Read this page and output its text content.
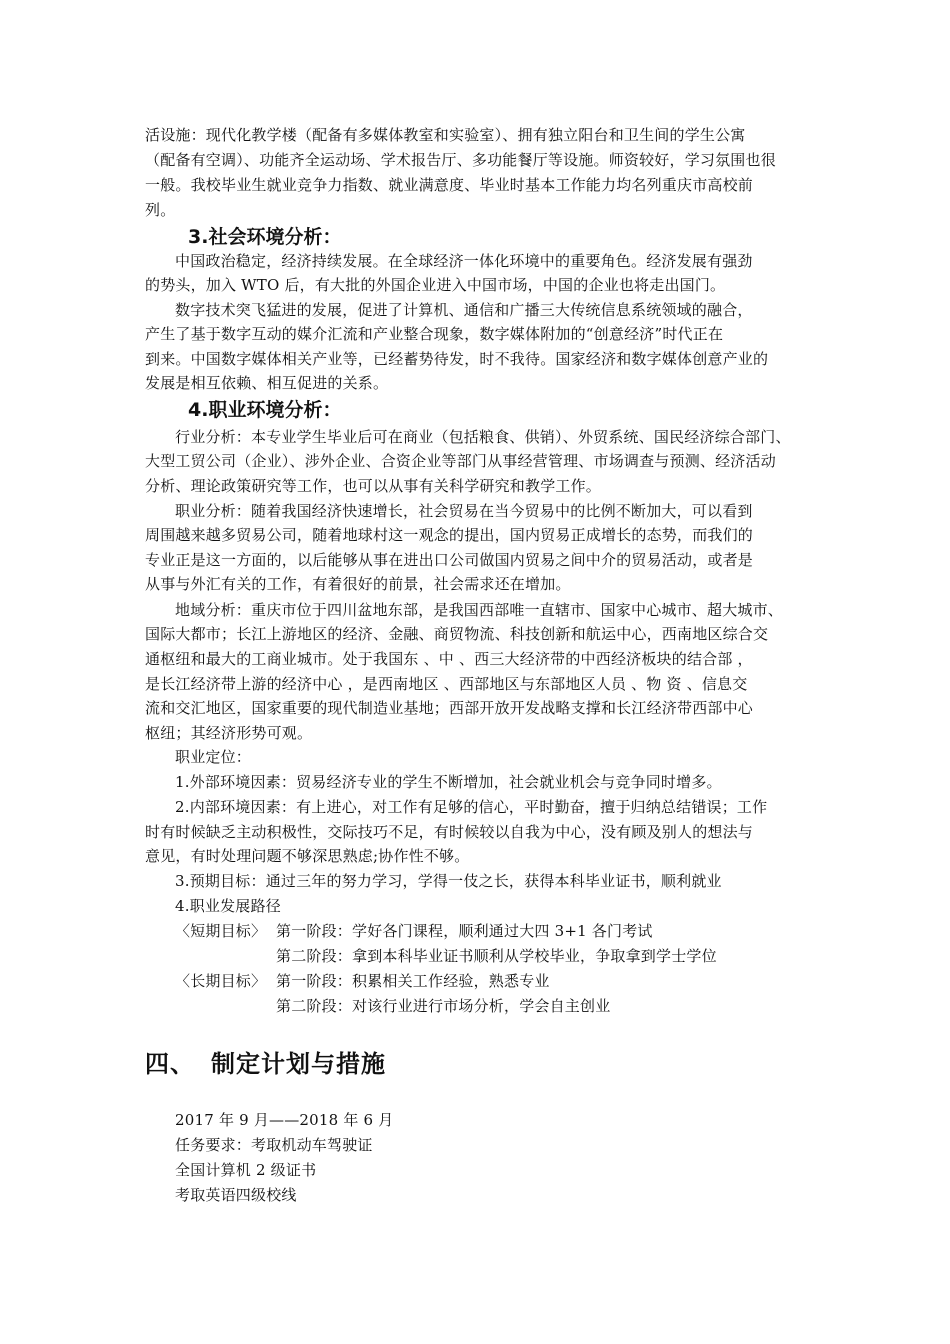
活设施：现代化教学楼（配备有多媒体教室和实验室）、拥有独立阳台和卫生间的学生公寓
（配备有空调）、功能齐全运动场、学术报告厅、多功能餐厅等设施。师资较好，学习氛围也很
一般。我校毕业生就业竞争力指数、就业满意度、毕业时基本工作能力均名列重庆市高校前
列。
3.社会环境分析：
中国政治稳定，经济持续发展。在全球经济一体化环境中的重要角色。经济发展有强劲
的势头，加入 WTO 后，有大批的外国企业进入中国市场，中国的企业也将走出国门。
数字技术突飞猛进的发展，促进了计算机、通信和广播三大传统信息系统领域的融合，
产生了基于数字互动的媒介汇流和产业整合现象，数字媒体附加的“创意经济”时代正在
到来。中国数字媒体相关产业等，已经蓄势待发，时不我待。国家经济和数字媒体创意产业的
发展是相互依赖、相互促进的关系。
4.职业环境分析：
行业分析：本专业学生毕业后可在商业（包括粮食、供销）、外贸系统、国民经济综合部门、
大型工贸公司（企业）、涉外企业、合资企业等部门从事经营管理、市场调查与预测、经济活动
分析、理论政策研究等工作，也可以从事有关科学研究和教学工作。
职业分析：随着我国经济快速增长，社会贸易在当今贸易中的比例不断加大，可以看到
周围越来越多贸易公司，随着地球村这一观念的提出，国内贸易正成增长的态势，而我们的
专业正是这一方面的，以后能够从事在进出口公司做国内贸易之间中介的贸易活动，或者是
从事与外汇有关的工作，有着很好的前景，社会需求还在增加。
地域分析：重庆市位于四川盆地东部，是我国西部唯一直辖市、国家中心城市、超大城市、
国际大都市；长江上游地区的经济、金融、商贸物流、科技创新和航运中心，西南地区综合交
通枢纽和最大的工商业城市。处于我国东 、中 、西三大经济带的中西经济板块的结合部 ，
是长江经济带上游的经济中心 ，是西南地区 、西部地区与东部地区人员 、物 资 、信息交
流和交汇地区，国家重要的现代制造业基地；西部开放开发战略支撑和长江经济带西部中心
枢纽；其经济形势可观。
职业定位：
1.外部环境因素：贸易经济专业的学生不断增加，社会就业机会与竞争同时增多。
2.内部环境因素：有上进心，对工作有足够的信心，平时勤奋，擅于归纳总结错误；工作
时有时候缺乏主动积极性，交际技巧不足，有时候较以自我为中心，没有顾及别人的想法与
意见，有时处理问题不够深思熟虑;协作性不够。
3.预期目标：通过三年的努力学习，学得一伎之长，获得本科毕业证书，顺利就业
4.职业发展路径
〈短期目标〉 第一阶段：学好各门课程，顺利通过大四 3+1 各门考试
第二阶段：拿到本科毕业证书顺利从学校毕业，争取拿到学士学位
〈长期目标〉 第一阶段：积累相关工作经验，熟悉专业
第二阶段：对该行业进行市场分析，学会自主创业
四、 制定计划与措施
2017 年 9 月——2018 年 6 月
任务要求：考取机动车驾驶证
全国计算机 2 级证书
考取英语四级校线
